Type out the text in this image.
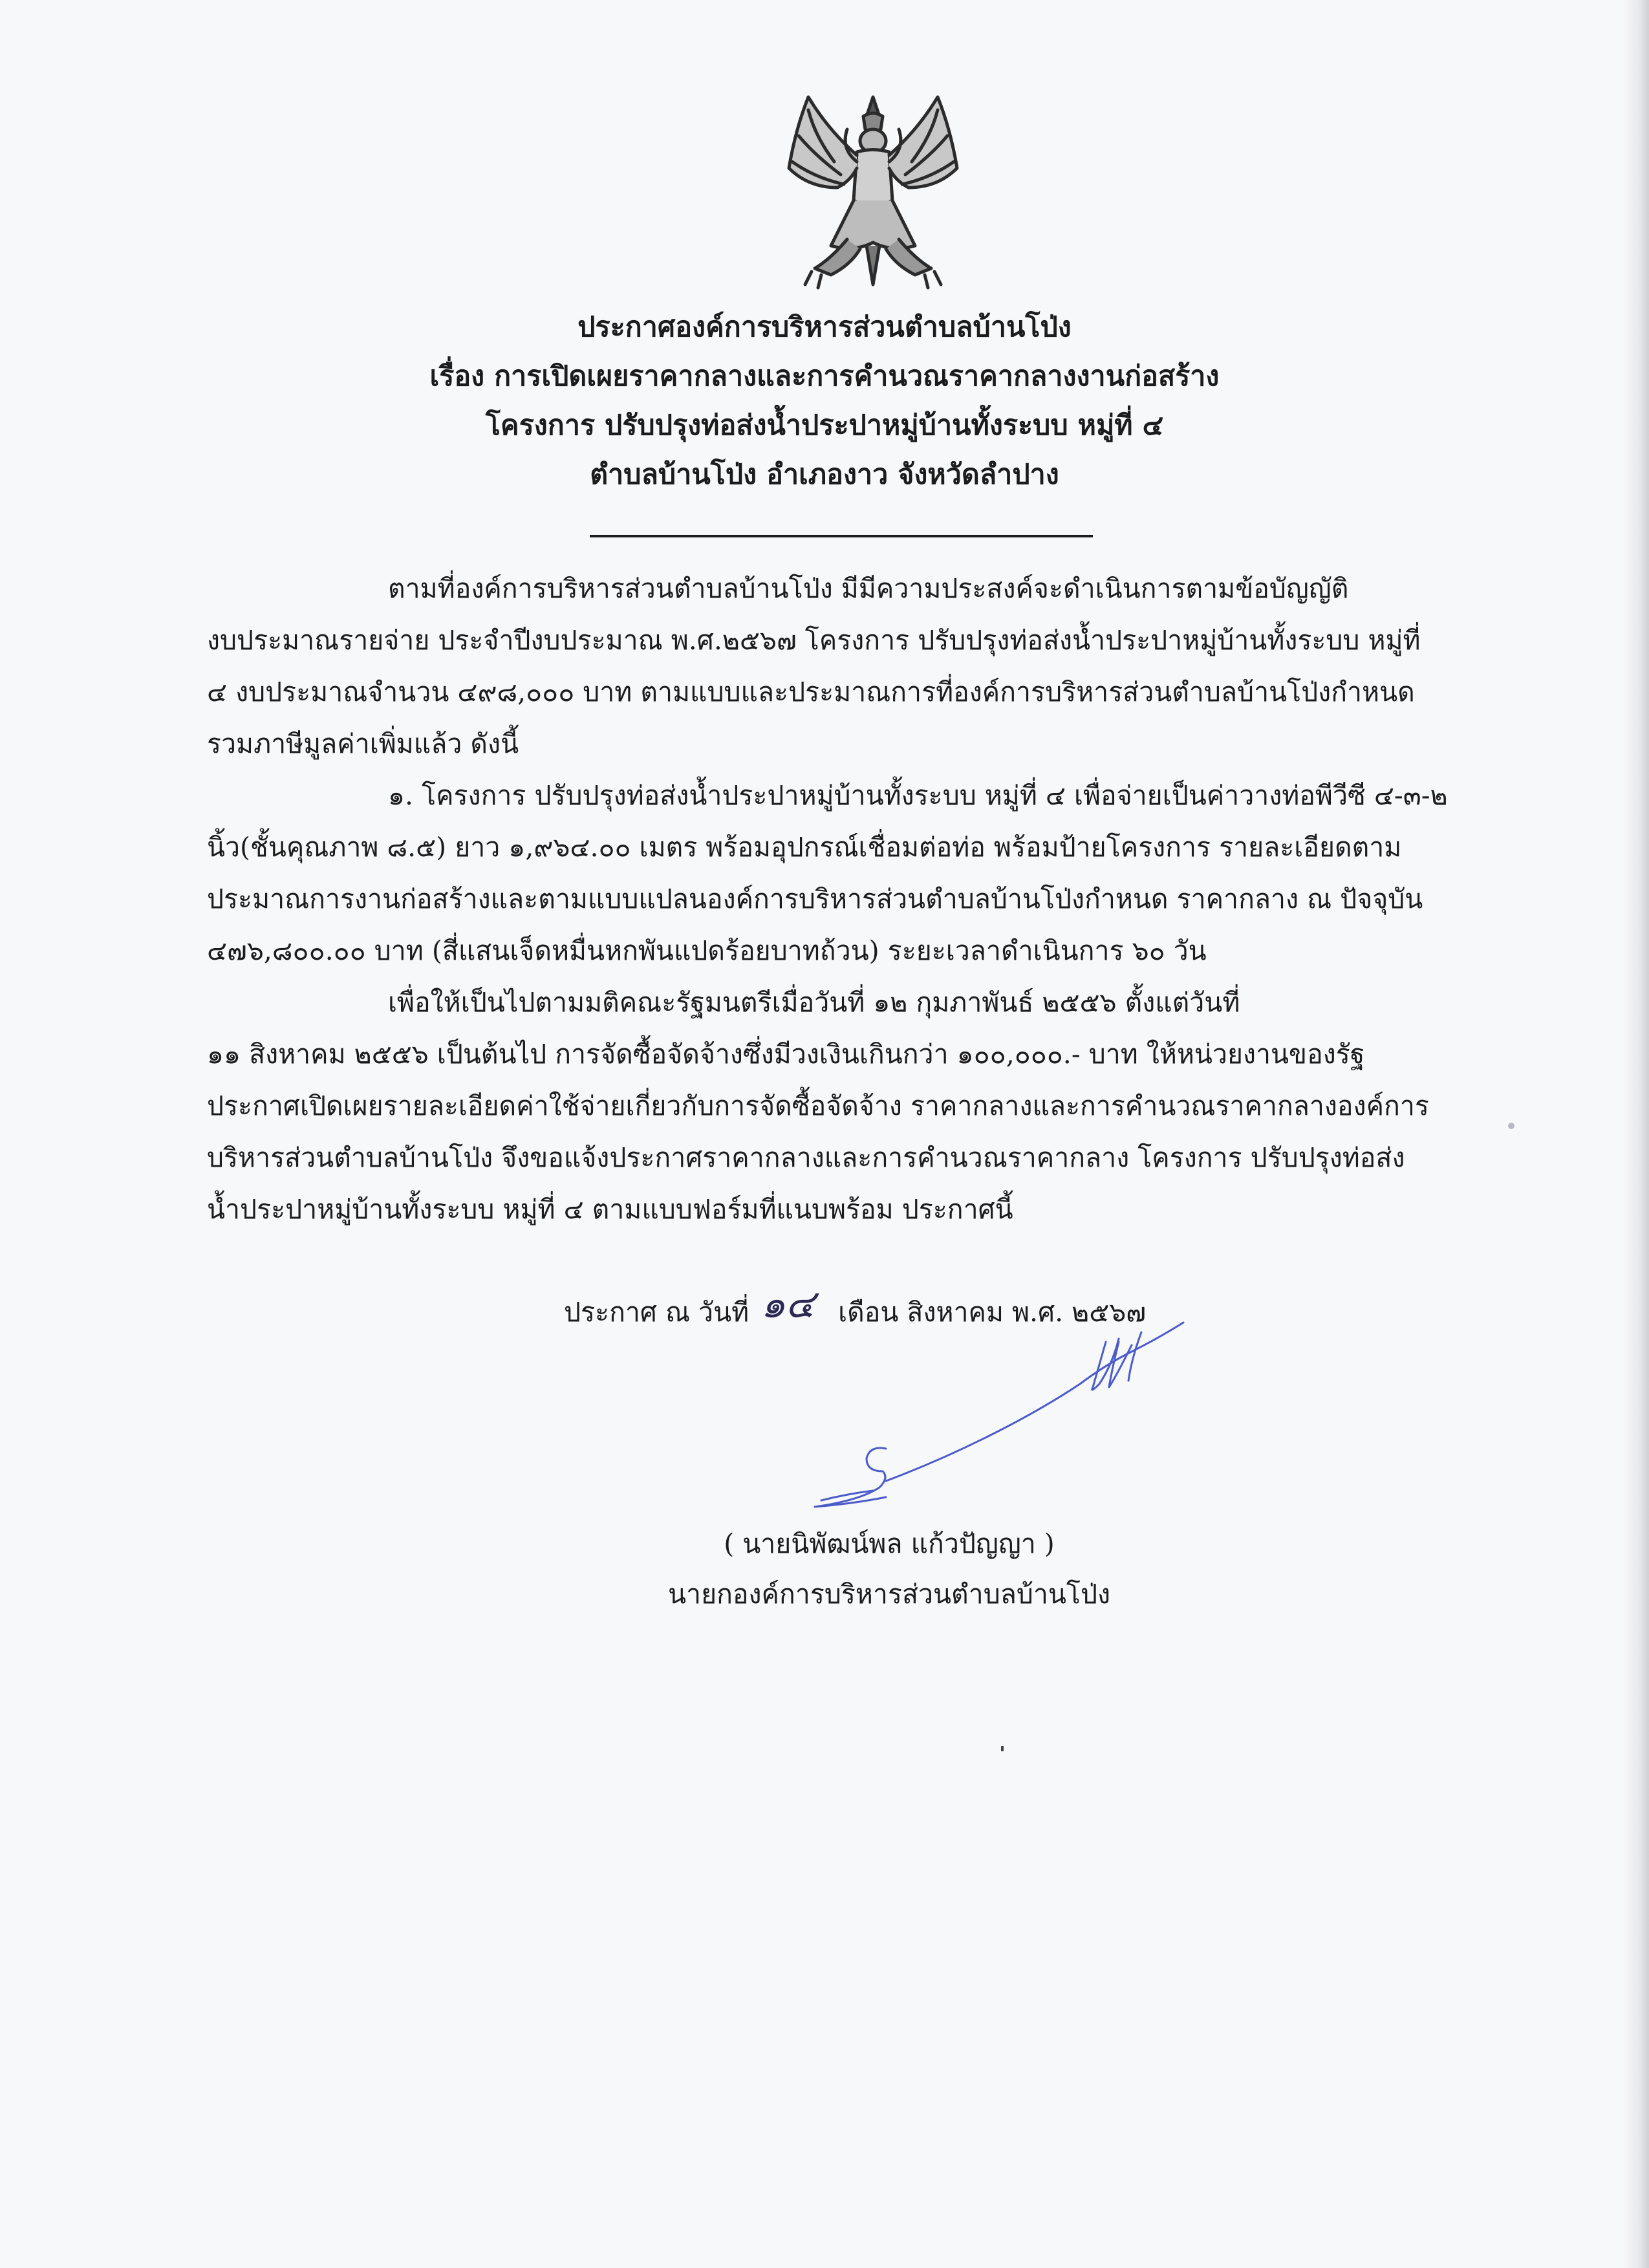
ประกาศองค์การบริหารส่วนตำบลบ้านโป่ง
เรื่อง การเปิดเผยราคากลางและการคำนวณราคากลางงานก่อสร้าง
โครงการ ปรับปรุงท่อส่งน้ำประปาหมู่บ้านทั้งระบบ หมู่ที่ ๔
ตำบลบ้านโป่ง อำเภองาว จังหวัดลำปาง
ตามที่องค์การบริหารส่วนตำบลบ้านโป่ง มีมีความประสงค์จะดำเนินการตามข้อบัญญัติ
งบประมาณรายจ่าย ประจำปีงบประมาณ พ.ศ.๒๕๖๗ โครงการ ปรับปรุงท่อส่งน้ำประปาหมู่บ้านทั้งระบบ หมู่ที่
๔ งบประมาณจำนวน ๔๙๘,๐๐๐ บาท ตามแบบและประมาณการที่องค์การบริหารส่วนตำบลบ้านโป่งกำหนด
รวมภาษีมูลค่าเพิ่มแล้ว ดังนี้
๑. โครงการ ปรับปรุงท่อส่งน้ำประปาหมู่บ้านทั้งระบบ หมู่ที่ ๔ เพื่อจ่ายเป็นค่าวางท่อพีวีซี ๔-๓-๒
นิ้ว(ชั้นคุณภาพ ๘.๕) ยาว ๑,๙๖๔.๐๐ เมตร พร้อมอุปกรณ์เชื่อมต่อท่อ พร้อมป้ายโครงการ รายละเอียดตาม
ประมาณการงานก่อสร้างและตามแบบแปลนองค์การบริหารส่วนตำบลบ้านโป่งกำหนด ราคากลาง ณ ปัจจุบัน
๔๗๖,๘๐๐.๐๐ บาท (สี่แสนเจ็ดหมื่นหกพันแปดร้อยบาทถ้วน) ระยะเวลาดำเนินการ ๖๐ วัน
เพื่อให้เป็นไปตามมติคณะรัฐมนตรีเมื่อวันที่ ๑๒ กุมภาพันธ์ ๒๕๕๖ ตั้งแต่วันที่
๑๑ สิงหาคม ๒๕๕๖ เป็นต้นไป การจัดซื้อจัดจ้างซึ่งมีวงเงินเกินกว่า ๑๐๐,๐๐๐.- บาท ให้หน่วยงานของรัฐ
ประกาศเปิดเผยรายละเอียดค่าใช้จ่ายเกี่ยวกับการจัดซื้อจัดจ้าง ราคากลางและการคำนวณราคากลางองค์การ
บริหารส่วนตำบลบ้านโป่ง จึงขอแจ้งประกาศราคากลางและการคำนวณราคากลาง โครงการ ปรับปรุงท่อส่ง
น้ำประปาหมู่บ้านทั้งระบบ หมู่ที่ ๔ ตามแบบฟอร์มที่แนบพร้อม ประกาศนี้
ประกาศ ณ วันที่ ๑๔ เดือน สิงหาคม พ.ศ. ๒๕๖๗
( นายนิพัฒน์พล แก้วปัญญา )
นายกองค์การบริหารส่วนตำบลบ้านโป่ง
